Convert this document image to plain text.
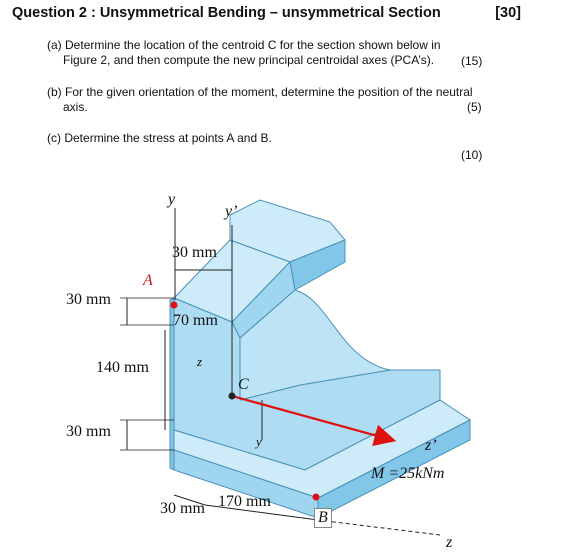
Question 2 : Unsymmetrical Bending – unsymmetrical Section	[30]
(a) Determine the location of the centroid C for the section shown below in
Figure 2, and then compute the new principal centroidal axes (PCA’s).	(15)
(b) For the given orientation of the moment, determine the position of the neutral
axis.	(5)
(c) Determine the stress at points A and B.
(10)
y
y’
30 mm
A
30 mm
70 mm
140 mm	z
C
30 mm
y	z’
M =25kNm
30 mm 170 mm
B
z
